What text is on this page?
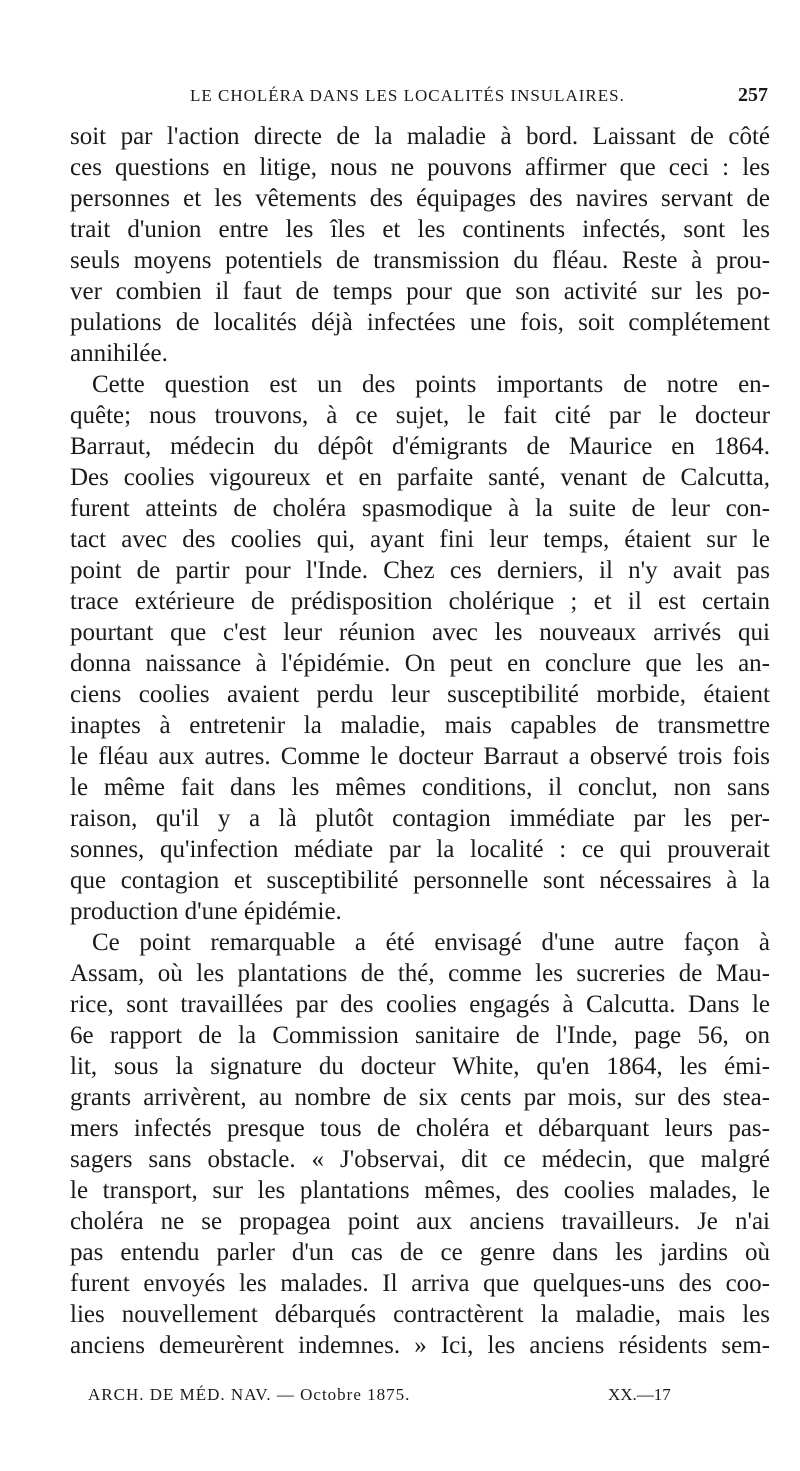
LE CHOLÉRA DANS LES LOCALITÉS INSULAIRES.	257
soit par l'action directe de la maladie à bord. Laissant de côté
ces questions en litige, nous ne pouvons affirmer que ceci : les
personnes et les vêtements des équipages des navires servant de
trait d'union entre les îles et les continents infectés, sont les
seuls moyens potentiels de transmission du fléau. Reste à prou-
ver combien il faut de temps pour que son activité sur les po-
pulations de localités déjà infectées une fois, soit complétement
annihilée.
Cette question est un des points importants de notre en-
quête; nous trouvons, à ce sujet, le fait cité par le docteur
Barraut, médecin du dépôt d'émigrants de Maurice en 1864.
Des coolies vigoureux et en parfaite santé, venant de Calcutta,
furent atteints de choléra spasmodique à la suite de leur con-
tact avec des coolies qui, ayant fini leur temps, étaient sur le
point de partir pour l'Inde. Chez ces derniers, il n'y avait pas
trace extérieure de prédisposition cholérique ; et il est certain
pourtant que c'est leur réunion avec les nouveaux arrivés qui
donna naissance à l'épidémie. On peut en conclure que les an-
ciens coolies avaient perdu leur susceptibilité morbide, étaient
inaptes à entretenir la maladie, mais capables de transmettre
le fléau aux autres. Comme le docteur Barraut a observé trois fois
le même fait dans les mêmes conditions, il conclut, non sans
raison, qu'il y a là plutôt contagion immédiate par les per-
sonnes, qu'infection médiate par la localité : ce qui prouverait
que contagion et susceptibilité personnelle sont nécessaires à la
production d'une épidémie.
Ce point remarquable a été envisagé d'une autre façon à
Assam, où les plantations de thé, comme les sucreries de Mau-
rice, sont travaillées par des coolies engagés à Calcutta. Dans le
6e rapport de la Commission sanitaire de l'Inde, page 56, on
lit, sous la signature du docteur White, qu'en 1864, les émi-
grants arrivèrent, au nombre de six cents par mois, sur des stea-
mers infectés presque tous de choléra et débarquant leurs pas-
sagers sans obstacle. « J'observai, dit ce médecin, que malgré
le transport, sur les plantations mêmes, des coolies malades, le
choléra ne se propagea point aux anciens travailleurs. Je n'ai
pas entendu parler d'un cas de ce genre dans les jardins où
furent envoyés les malades. Il arriva que quelques-uns des coo-
lies nouvellement débarqués contractèrent la maladie, mais les
anciens demeurèrent indemnes. » Ici, les anciens résidents sem-
ARCH. DE MÉD. NAV. — Octobre 1875.	XX.—17
